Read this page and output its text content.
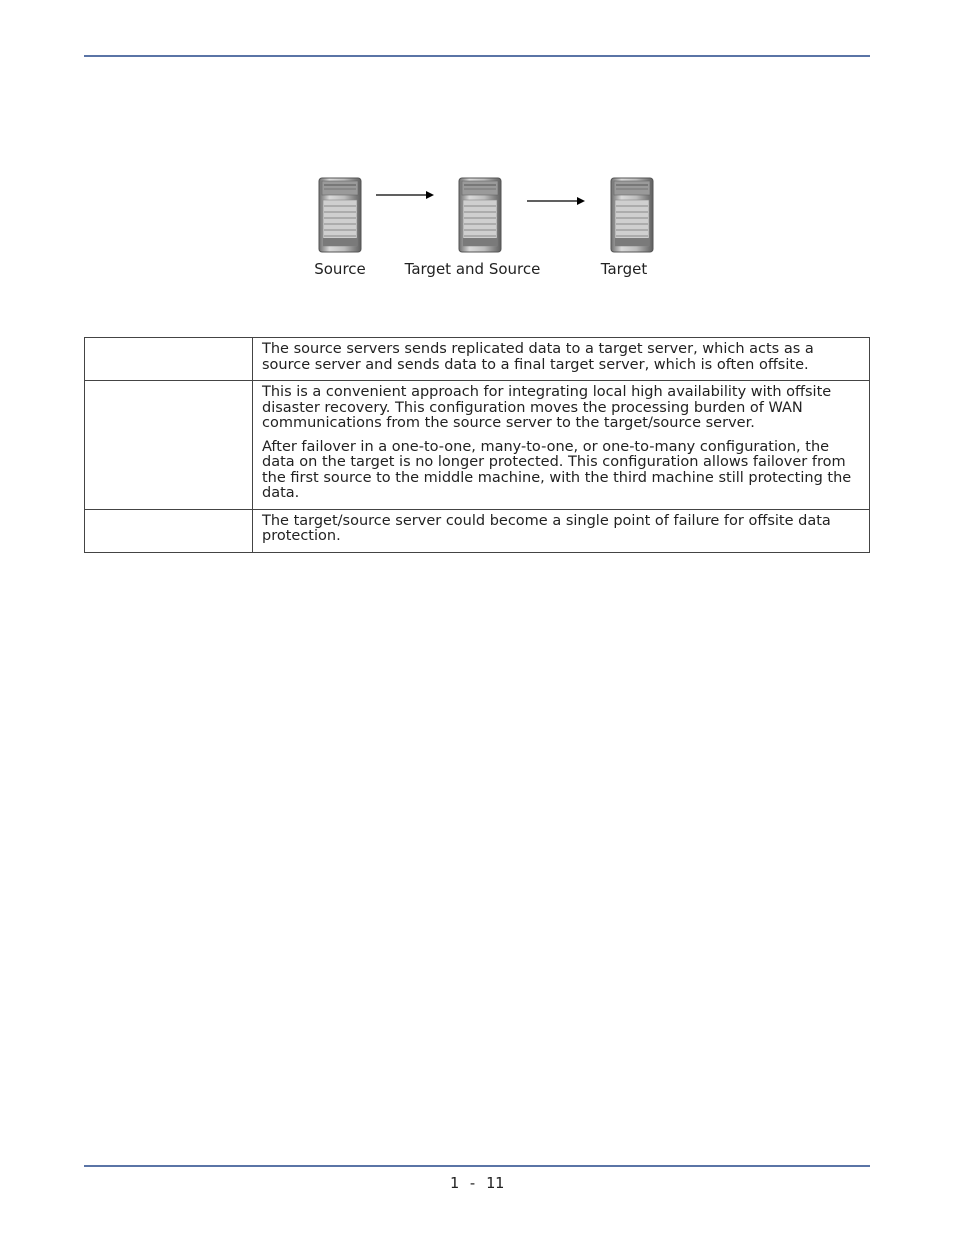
Source	Target and Source	Target

	The source servers sends replicated data to a target server, which acts as a source server and sends data to a final target server, which is often offsite.

	This is a convenient approach for integrating local high availability with offsite disaster recovery. This configuration moves the processing burden of WAN communications from the source server to the target/source server.

After failover in a one-to-one, many-to-one, or one-to-many configuration, the data on the target is no longer protected. This configuration allows failover from the first source to the middle machine, with the third machine still protecting the data.

	The target/source server could become a single point of failure for offsite data protection.

1 - 11
